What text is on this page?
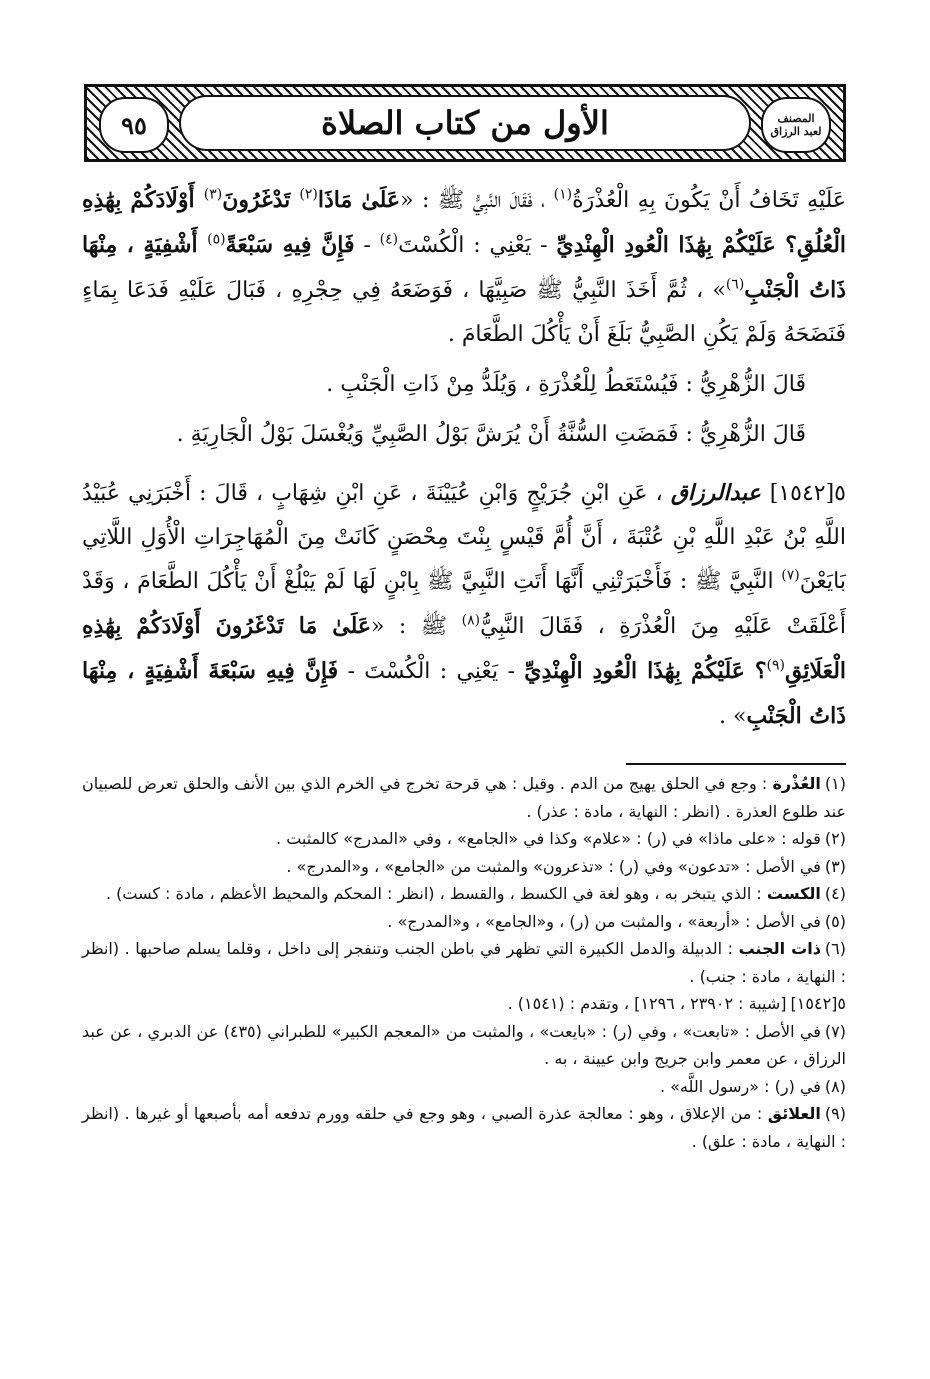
٩٥	الأول من كتاب الصلاة	المصنف
لعبد الرزاق

عَلَيْهِ تَخَافُ أَنْ يَكُونَ بِهِ الْعُذْرَةُ$^{(١)}$ ، فَقَالَ النَّبِيُّ ﷺ : «عَلَىٰ مَاذَا$^{(٢)}$ تَدْغَرُونَ$^{(٣)}$ أَوْلَادَكُمْ بِهَٰذِهِ الْعُلُقِ؟ عَلَيْكُمْ بِهَٰذَا الْعُودِ الْهِنْدِيِّ - يَعْنِي : الْكُسْتَ$^{(٤)}$ - فَإِنَّ فِيهِ سَبْعَةً$^{(٥)}$ أَشْفِيَةٍ ، مِنْهَا ذَاتُ الْجَنْبِ$^{(٦)}$» ، ثُمَّ أَخَذَ النَّبِيُّ ﷺ صَبِيَّهَا ، فَوَضَعَهُ فِي حِجْرِهِ ، فَبَالَ عَلَيْهِ فَدَعَا بِمَاءٍ فَنَضَحَهُ وَلَمْ يَكُنِ الصَّبِيُّ بَلَغَ أَنْ يَأْكُلَ الطَّعَامَ .

قَالَ الزُّهْرِيُّ : فَيُسْتَعَطُ لِلْعُذْرَةِ ، وَيُلَدُّ مِنْ ذَاتِ الْجَنْبِ .

قَالَ الزُّهْرِيُّ : فَمَضَتِ السُّنَّةُ أَنْ يُرَشَّ بَوْلُ الصَّبِيِّ وَيُغْسَلَ بَوْلُ الْجَارِيَةِ .

٥[١٥٤٢] عبدالرزاق ، عَنِ ابْنِ جُرَيْجٍ وَابْنِ عُيَيْنَةَ ، عَنِ ابْنِ شِهَابٍ ، قَالَ : أَخْبَرَنِي عُبَيْدُ اللَّهِ بْنُ عَبْدِ اللَّهِ بْنِ عُتْبَةَ ، أَنَّ أُمَّ قَيْسٍ بِنْتَ مِحْصَنٍ كَانَتْ مِنَ الْمُهَاجِرَاتِ الْأُوَلِ اللَّاتِي بَايَعْنَ$^{(٧)}$ النَّبِيَّ ﷺ : فَأَخْبَرَتْنِي أَنَّهَا أَتَتِ النَّبِيَّ ﷺ بِابْنٍ لَهَا لَمْ يَبْلُغْ أَنْ يَأْكُلَ الطَّعَامَ ، وَقَدْ أَعْلَقَتْ عَلَيْهِ مِنَ الْعُذْرَةِ ، فَقَالَ النَّبِيُّ$^{(٨)}$ ﷺ : «عَلَىٰ مَا تَدْغَرُونَ أَوْلَادَكُمْ بِهَٰذِهِ الْعَلَائِقِ$^{(٩)}$؟ عَلَيْكُمْ بِهَٰذَا الْعُودِ الْهِنْدِيِّ - يَعْنِي : الْكُسْتَ - فَإِنَّ فِيهِ سَبْعَةَ أَشْفِيَةٍ ، مِنْهَا ذَاتُ الْجَنْبِ» .

(١)العُذْرة : وجع في الحلق يهيج من الدم . وقيل : هي قرحة تخرج في الخرم الذي بين الأنف والحلق تعرض للصبيان عند طلوع العذرة . (انظر : النهاية ، مادة : عذر) .

(٢)قوله : «على ماذا» في (ر) : «علام» وكذا في «الجامع» ، وفي «المدرج» كالمثبت .

(٣)في الأصل : «تدعون» وفي (ر) : «تذعرون» والمثبت من «الجامع» ، و«المدرج» .

(٤)الكست : الذي يتبخر به ، وهو لغة في الكسط ، والقسط ، (انظر : المحكم والمحيط الأعظم ، مادة : كست) .

(٥)في الأصل : «أربعة» ، والمثبت من (ر) ، و«الجامع» ، و«المدرج» .

(٦)ذات الجنب : الدبيلة والدمل الكبيرة التي تظهر في باطن الجنب وتنفجر إلى داخل ، وقلما يسلم صاحبها . (انظر : النهاية ، مادة : جنب) .

٥[١٥٤٢][شيبة : ٢٣٩٠٢ ، ١٢٩٦] ، وتقدم : (١٥٤١) .

(٧)في الأصل : «تابعت» ، وفي (ر) : «بايعت» ، والمثبت من «المعجم الكبير» للطبراني (٤٣٥) عن الدبري ، عن عبد الرزاق ، عن معمر وابن جريج وابن عيينة ، به .

(٨)في (ر) : «رسول اللَّه» .

(٩)العلائق : من الإعلاق ، وهو : معالجة عذرة الصبي ، وهو وجع في حلقه وورم تدفعه أمه بأصبعها أو غيرها . (انظر : النهاية ، مادة : علق) .
